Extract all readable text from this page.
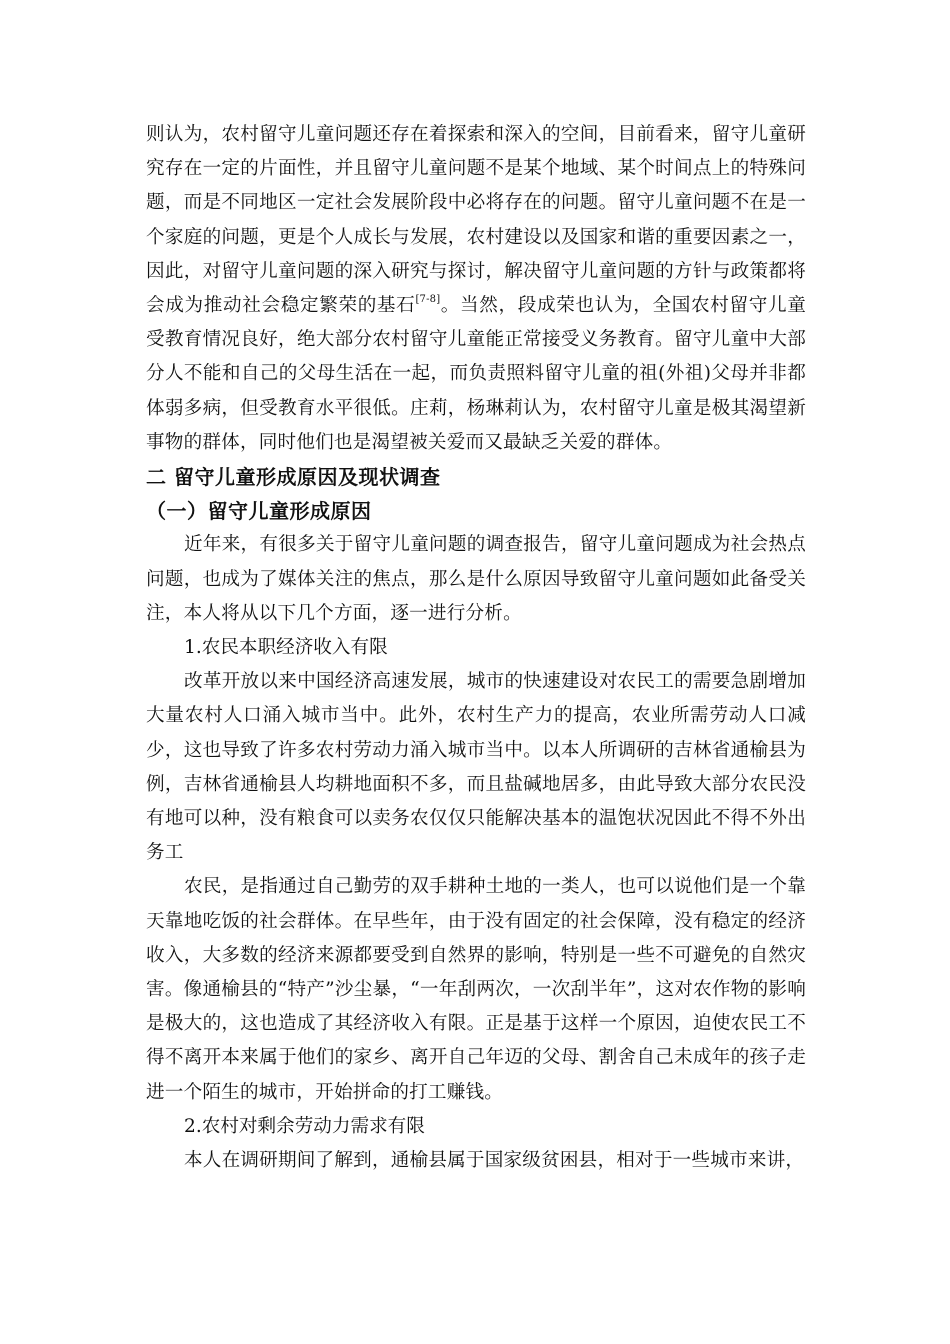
则认为，农村留守儿童问题还存在着探索和深入的空间，目前看来，留守儿童研究存在一定的片面性，并且留守儿童问题不是某个地域、某个时间点上的特殊问题，而是不同地区一定社会发展阶段中必将存在的问题。留守儿童问题不在是一个家庭的问题，更是个人成长与发展，农村建设以及国家和谐的重要因素之一，因此，对留守儿童问题的深入研究与探讨，解决留守儿童问题的方针与政策都将会成为推动社会稳定繁荣的基石[7-8]。当然，段成荣也认为，全国农村留守儿童受教育情况良好，绝大部分农村留守儿童能正常接受义务教育。留守儿童中大部分人不能和自己的父母生活在一起，而负责照料留守儿童的祖(外祖)父母并非都体弱多病，但受教育水平很低。庄莉，杨琳莉认为，农村留守儿童是极其渴望新事物的群体，同时他们也是渴望被关爱而又最缺乏关爱的群体。

二 留守儿童形成原因及现状调查
（一）留守儿童形成原因

近年来，有很多关于留守儿童问题的调查报告，留守儿童问题成为社会热点问题，也成为了媒体关注的焦点，那么是什么原因导致留守儿童问题如此备受关注，本人将从以下几个方面，逐一进行分析。

1.农民本职经济收入有限

改革开放以来中国经济高速发展，城市的快速建设对农民工的需要急剧增加大量农村人口涌入城市当中。此外，农村生产力的提高，农业所需劳动人口减少，这也导致了许多农村劳动力涌入城市当中。以本人所调研的吉林省通榆县为例，吉林省通榆县人均耕地面积不多，而且盐碱地居多，由此导致大部分农民没有地可以种，没有粮食可以卖务农仅仅只能解决基本的温饱状况因此不得不外出务工

农民，是指通过自己勤劳的双手耕种土地的一类人，也可以说他们是一个靠天靠地吃饭的社会群体。在早些年，由于没有固定的社会保障，没有稳定的经济收入，大多数的经济来源都要受到自然界的影响，特别是一些不可避免的自然灾害。像通榆县的“特产”沙尘暴，“一年刮两次，一次刮半年”，这对农作物的影响是极大的，这也造成了其经济收入有限。正是基于这样一个原因，迫使农民工不得不离开本来属于他们的家乡、离开自己年迈的父母、割舍自己未成年的孩子走进一个陌生的城市，开始拼命的打工赚钱。

2.农村对剩余劳动力需求有限

本人在调研期间了解到，通榆县属于国家级贫困县，相对于一些城市来讲，
